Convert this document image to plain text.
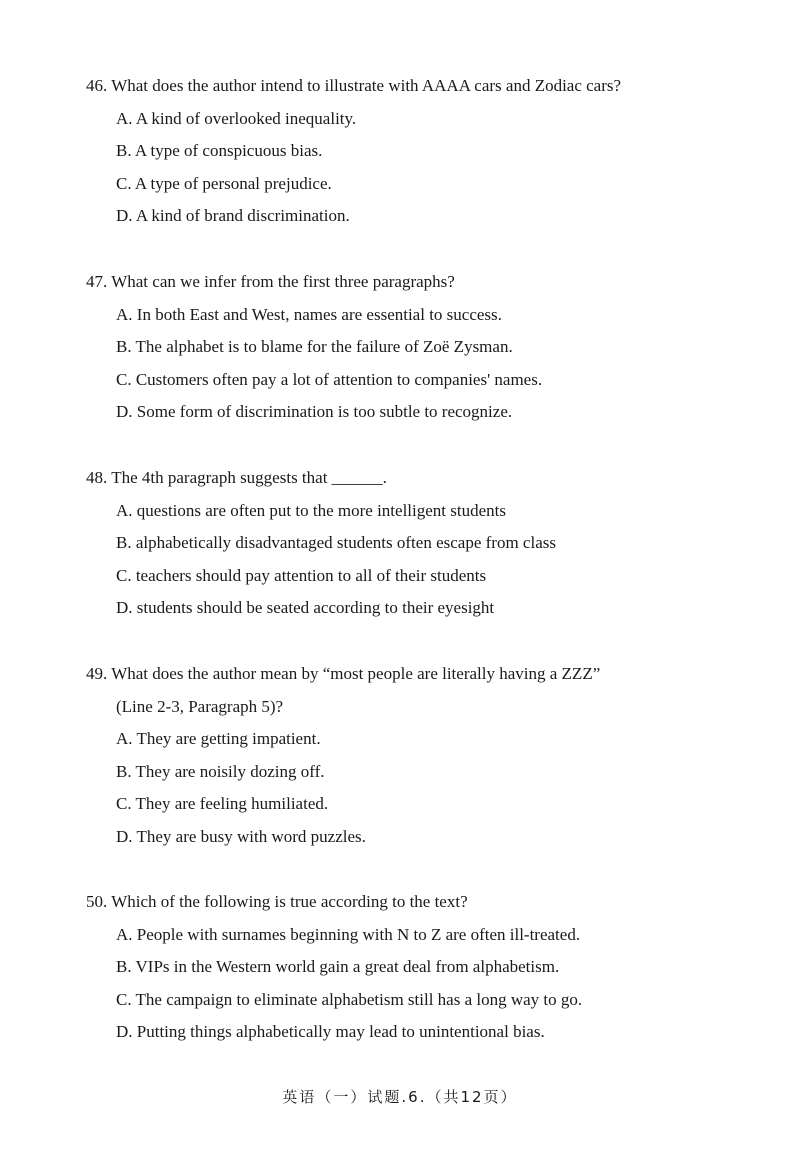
46. What does the author intend to illustrate with AAAA cars and Zodiac cars?
A. A kind of overlooked inequality.
B. A type of conspicuous bias.
C. A type of personal prejudice.
D. A kind of brand discrimination.
47. What can we infer from the first three paragraphs?
A. In both East and West, names are essential to success.
B. The alphabet is to blame for the failure of Zoë Zysman.
C. Customers often pay a lot of attention to companies' names.
D. Some form of discrimination is too subtle to recognize.
48. The 4th paragraph suggests that ______.
A. questions are often put to the more intelligent students
B. alphabetically disadvantaged students often escape from class
C. teachers should pay attention to all of their students
D. students should be seated according to their eyesight
49. What does the author mean by “most people are literally having a ZZZ”
(Line 2-3, Paragraph 5)?
A. They are getting impatient.
B. They are noisily dozing off.
C. They are feeling humiliated.
D. They are busy with word puzzles.
50. Which of the following is true according to the text?
A. People with surnames beginning with N to Z are often ill-treated.
B. VIPs in the Western world gain a great deal from alphabetism.
C. The campaign to eliminate alphabetism still has a long way to go.
D. Putting things alphabetically may lead to unintentional bias.
英语（一）试题.6.（共12页）
